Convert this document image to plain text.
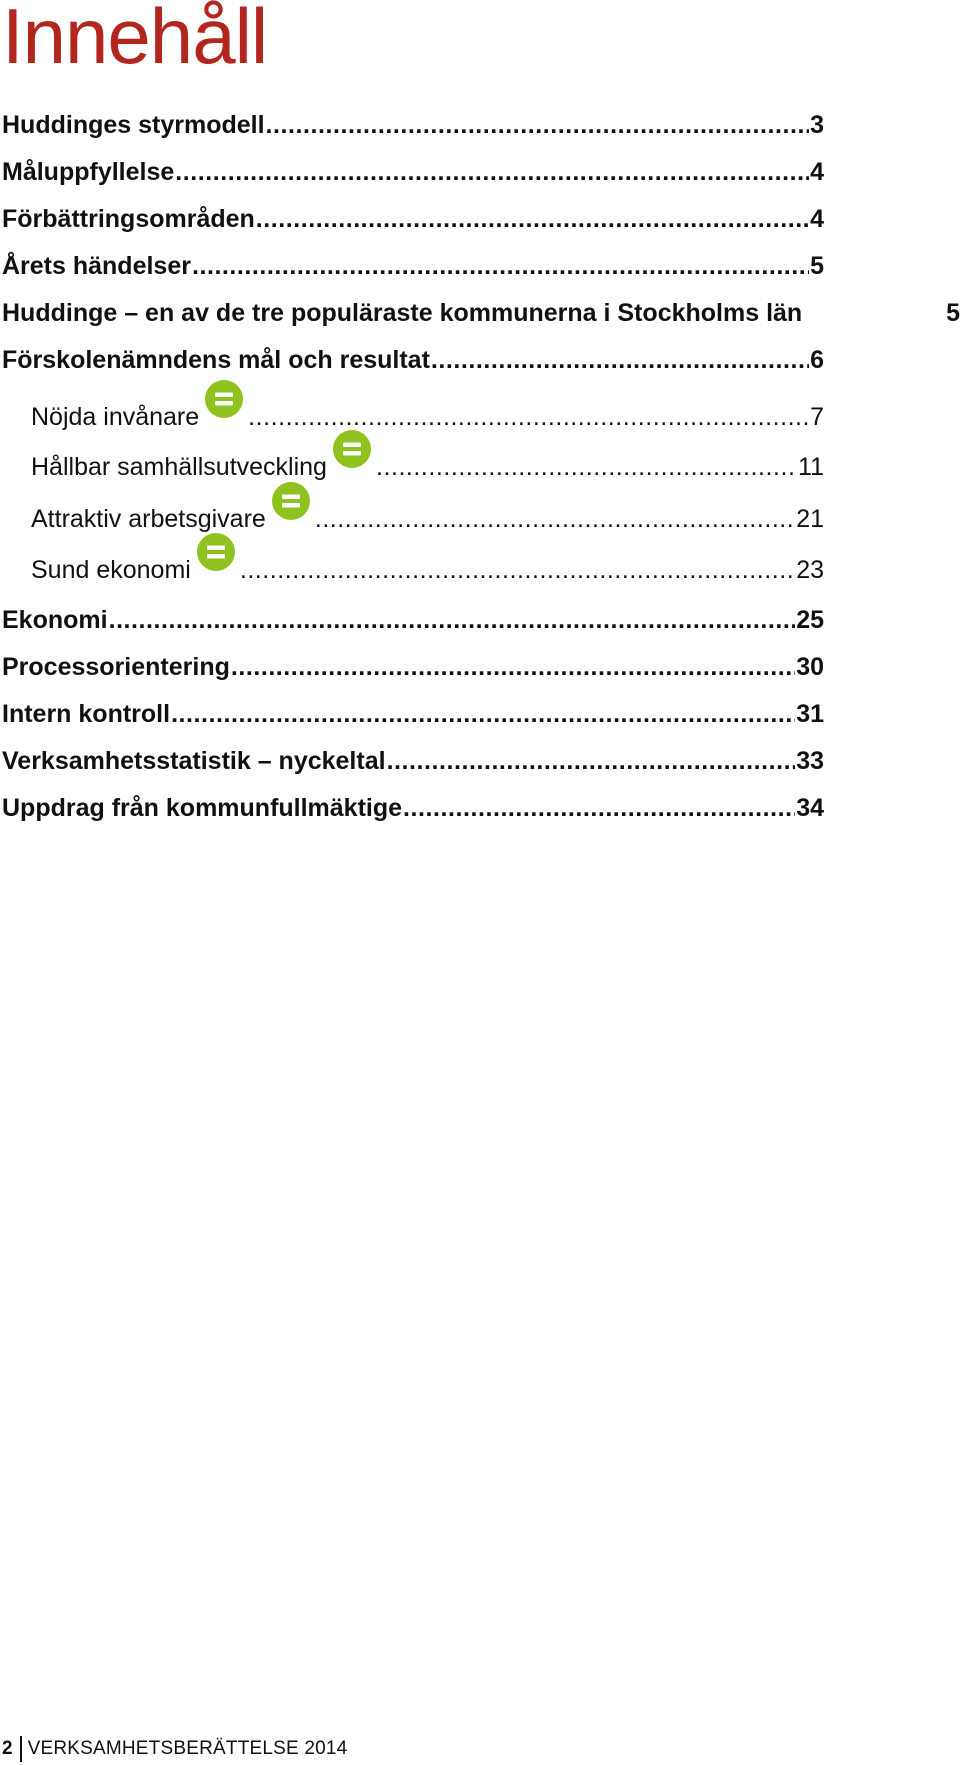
Innehåll
Huddinges styrmodell . . .	3
Måluppfyllelse . . .	4
Förbättringsområden . . .	4
Årets händelser . . .	5
Huddinge – en av de tre populäraste kommunerna i Stockholms län	5
Förskolenämndens mål och resultat . . .	6
Nöjda invånare . . .	7
Hållbar samhällsutveckling . . .	11
Attraktiv arbetsgivare . . .	21
Sund ekonomi . . .	23
Ekonomi . . .	25
Processorientering . . .	30
Intern kontroll . . .	31
Verksamhetsstatistik – nyckeltal . . .	33
Uppdrag från kommunfullmäktige . . .	34
2 VERKSAMHETSBERÄTTELSE 2014
